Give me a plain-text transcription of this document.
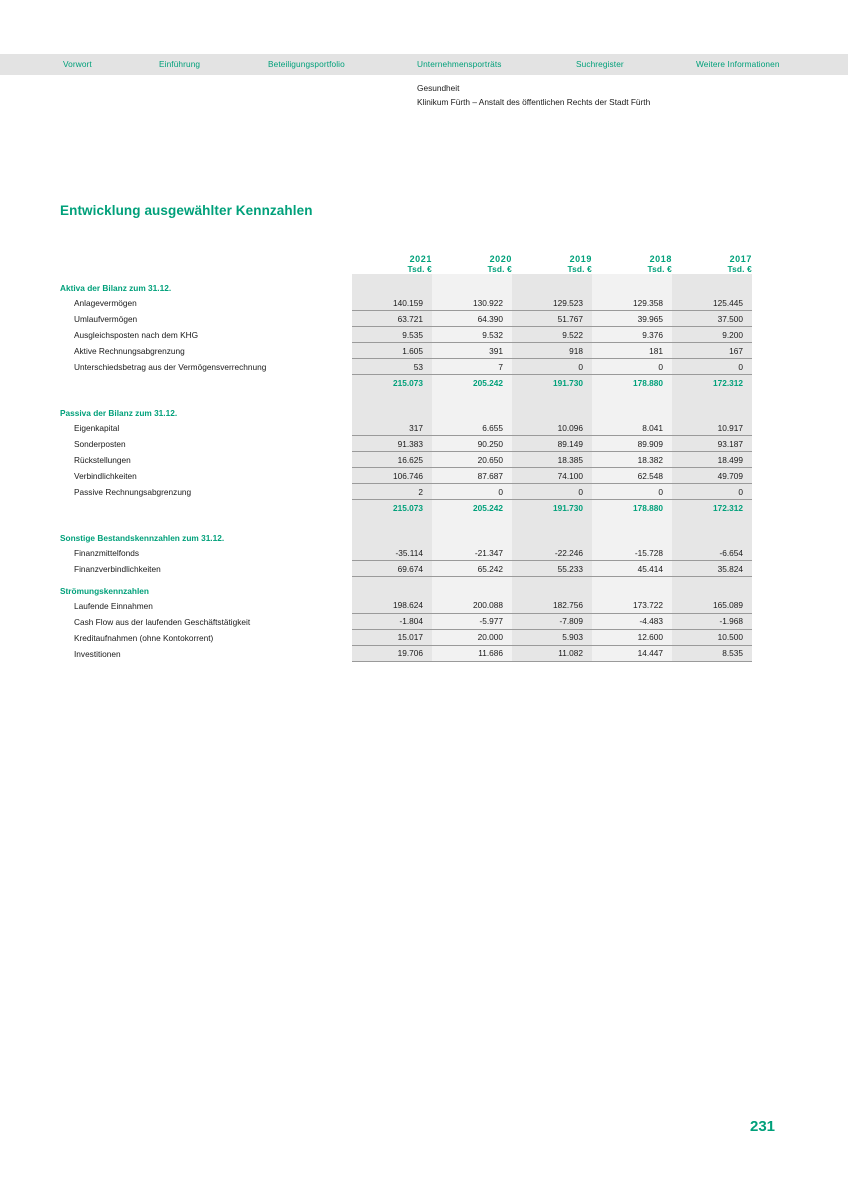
Vorwort	Einführung	Beteiligungsportfolio	Unternehmensporträts	Suchregister	Weitere Informationen
Gesundheit
Klinikum Fürth – Anstalt des öffentlichen Rechts der Stadt Fürth
Entwicklung ausgewählter Kennzahlen
	2021	2020	2019	2018	2017
	Tsd. €	Tsd. €	Tsd. €	Tsd. €	Tsd. €
Aktiva der Bilanz zum 31.12.					
Anlagevermögen	140.159	130.922	129.523	129.358	125.445
Umlaufvermögen	63.721	64.390	51.767	39.965	37.500
Ausgleichsposten nach dem KHG	9.535	9.532	9.522	9.376	9.200
Aktive Rechnungsabgrenzung	1.605	391	918	181	167
Unterschiedsbetrag aus der Vermögensverrechnung	53	7	0	0	0
	215.073	205.242	191.730	178.880	172.312

Passiva der Bilanz zum 31.12.					
Eigenkapital	317	6.655	10.096	8.041	10.917
Sonderposten	91.383	90.250	89.149	89.909	93.187
Rückstellungen	16.625	20.650	18.385	18.382	18.499
Verbindlichkeiten	106.746	87.687	74.100	62.548	49.709
Passive Rechnungsabgrenzung	2	0	0	0	0
	215.073	205.242	191.730	178.880	172.312

Sonstige Bestandskennzahlen zum 31.12.					
Finanzmittelfonds	-35.114	-21.347	-22.246	-15.728	-6.654
Finanzverbindlichkeiten	69.674	65.242	55.233	45.414	35.824
Strömungskennzahlen					
Laufende Einnahmen	198.624	200.088	182.756	173.722	165.089
Cash Flow aus der laufenden Geschäftstätigkeit	-1.804	-5.977	-7.809	-4.483	-1.968
Kreditaufnahmen (ohne Kontokorrent)	15.017	20.000	5.903	12.600	10.500
Investitionen	19.706	11.686	11.082	14.447	8.535
231
